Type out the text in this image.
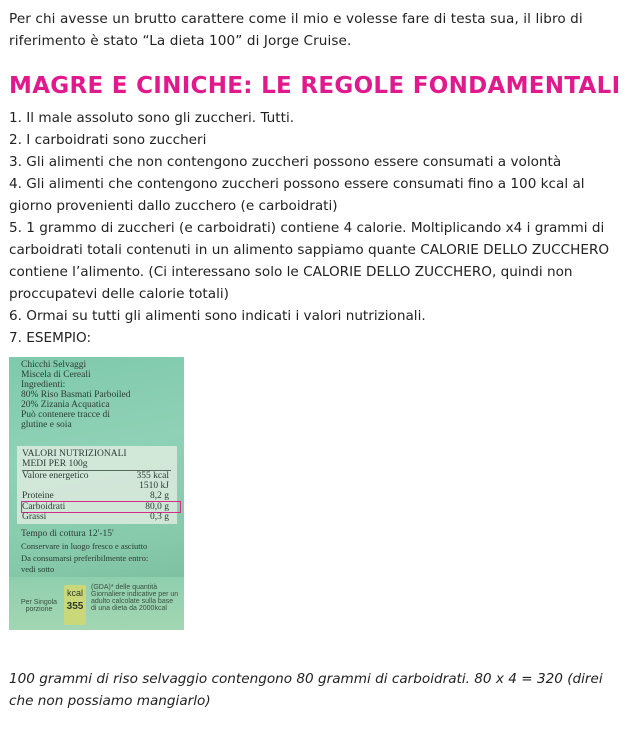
Per chi avesse un brutto carattere come il mio e volesse fare di testa sua, il libro di riferimento è stato “La dieta 100” di Jorge Cruise.

MAGRE E CINICHE: LE REGOLE FONDAMENTALI

1. Il male assoluto sono gli zuccheri. Tutti.

2. I carboidrati sono zuccheri

3. Gli alimenti che non contengono zuccheri possono essere consumati a volontà

4. Gli alimenti che contengono zuccheri possono essere consumati fino a 100 kcal al giorno provenienti dallo zucchero (e carboidrati)

5. 1 grammo di zuccheri (e carboidrati) contiene 4 calorie. Moltiplicando x4 i grammi di carboidrati totali contenuti in un alimento sappiamo quante CALORIE DELLO ZUCCHERO contiene l’alimento. (Ci interessano solo le CALORIE DELLO ZUCCHERO, quindi non proccupatevi delle calorie totali)

6. Ormai su tutti gli alimenti sono indicati i valori nutrizionali.

7. ESEMPIO:

Chicchi Selvaggi
Miscela di Cereali
Ingredienti:
80% Riso Basmati Parboiled
20% Zizania Acquatica
Può contenere tracce di
glutine e soia
VALORI NUTRIZIONALI
MEDI PER 100g
Valore energetico	355 kcal
1510 kJ
Proteine	8,2 g
Carboidrati	80,0 g
Grassi	0,3 g
Tempo di cottura 12'-15'
Conservare in luogo fresco e asciutto
Da consumarsi preferibilmente entro:
vedi sotto
Per Singola porzione
(GDA)* delle quantità Giornaliere indicative per un adulto calcolate sulla base di una dieta da 2000kcal
kcal
355

100 grammi di riso selvaggio contengono 80 grammi di carboidrati. 80 x 4 = 320 (direi che non possiamo mangiarlo)
